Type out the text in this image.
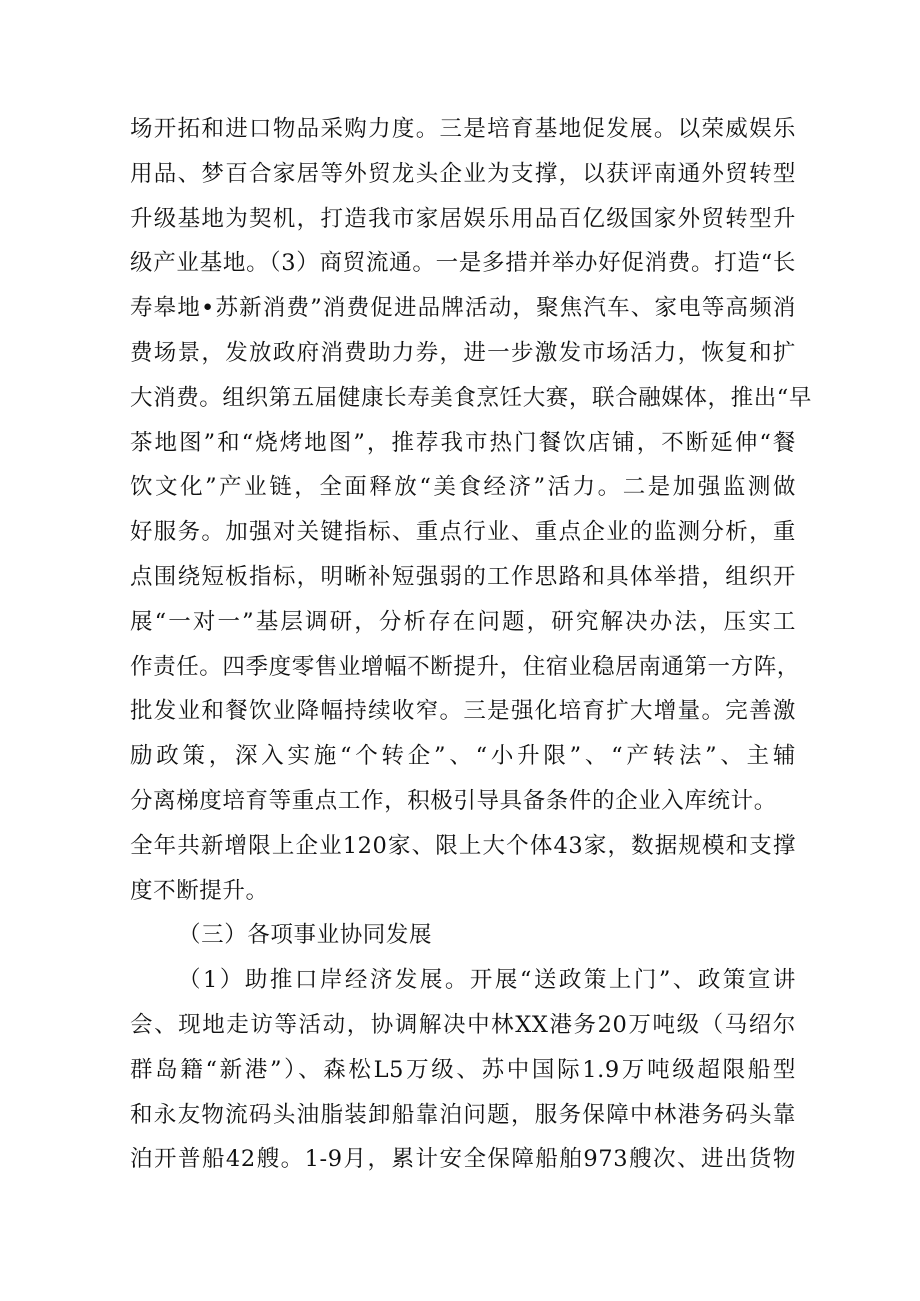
场开拓和进口物品采购力度。三是培育基地促发展。以荣威娱乐
用品、梦百合家居等外贸龙头企业为支撑，以获评南通外贸转型
升级基地为契机，打造我市家居娱乐用品百亿级国家外贸转型升
级产业基地。（3）商贸流通。一是多措并举办好促消费。打造“长
寿皋地•苏新消费”消费促进品牌活动，聚焦汽车、家电等高频消
费场景，发放政府消费助力券，进一步激发市场活力，恢复和扩
大消费。组织第五届健康长寿美食烹饪大赛，联合融媒体，推出“早
茶地图”和“烧烤地图”，推荐我市热门餐饮店铺，不断延伸“餐
饮文化”产业链，全面释放“美食经济”活力。二是加强监测做
好服务。加强对关键指标、重点行业、重点企业的监测分析，重
点围绕短板指标，明晰补短强弱的工作思路和具体举措，组织开
展“一对一”基层调研，分析存在问题，研究解决办法，压实工
作责任。四季度零售业增幅不断提升，住宿业稳居南通第一方阵，
批发业和餐饮业降幅持续收窄。三是强化培育扩大增量。完善激
励政策，深入实施“个转企”、“小升限”、“产转法”、主辅
分离梯度培育等重点工作，积极引导具备条件的企业入库统计。
全年共新增限上企业120家、限上大个体43家，数据规模和支撑
度不断提升。
（三）各项事业协同发展
（1）助推口岸经济发展。开展“送政策上门”、政策宣讲
会、现地走访等活动，协调解决中林XX港务20万吨级（马绍尔
群岛籍“新港”）、森松L5万级、苏中国际1.9万吨级超限船型
和永友物流码头油脂装卸船靠泊问题，服务保障中林港务码头靠
泊开普船42艘。1-9月，累计安全保障船舶973艘次、进出货物
